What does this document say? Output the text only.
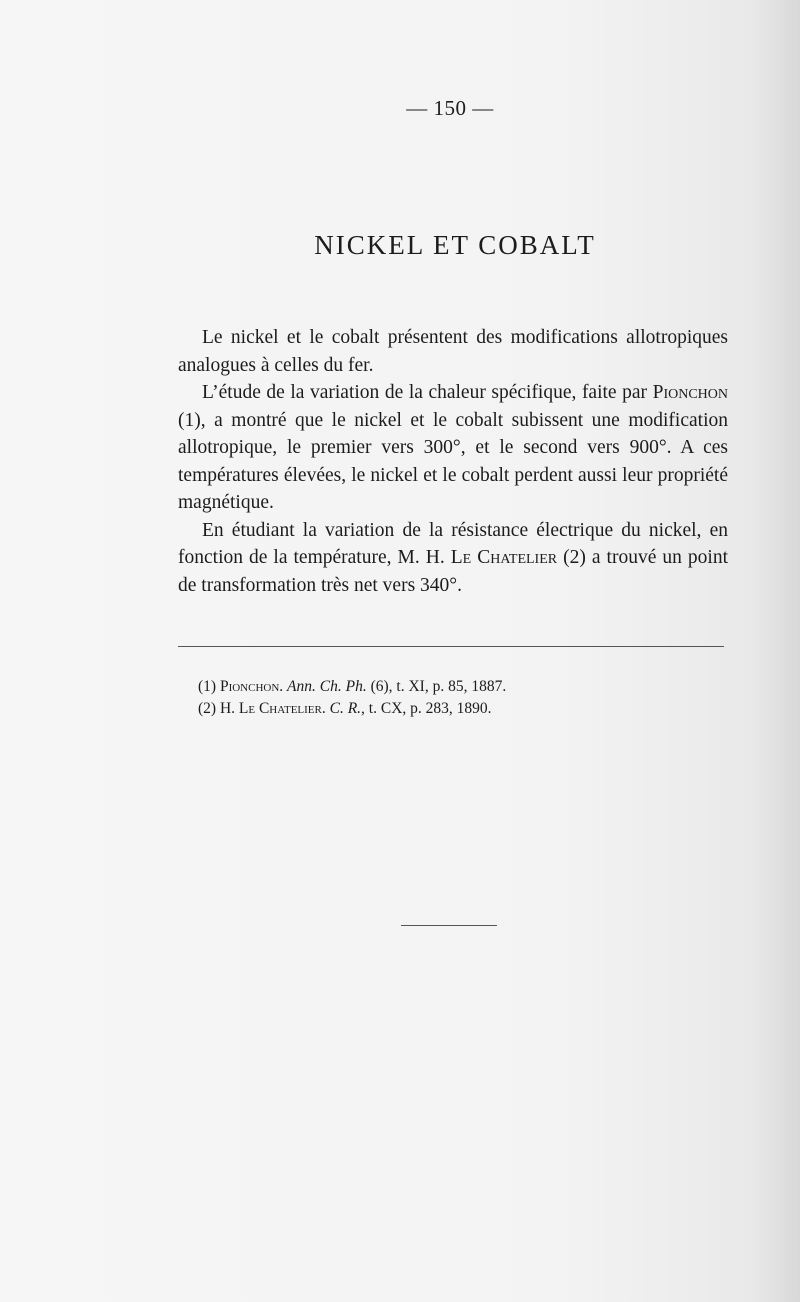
— 150 —
NICKEL ET COBALT

Le nickel et le cobalt présentent des modifications allotropiques analogues à celles du fer.

L’étude de la variation de la chaleur spécifique, faite par Pionchon (1), a montré que le nickel et le cobalt subissent une modification allotropique, le premier vers 300°, et le second vers 900°. A ces températures élevées, le nickel et le cobalt perdent aussi leur propriété magnétique.

En étudiant la variation de la résistance électrique du nickel, en fonction de la température, M. H. Le Chatelier (2) a trouvé un point de transformation très net vers 340°.

(1) Pionchon. Ann. Ch. Ph. (6), t. XI, p. 85, 1887.
(2) H. Le Chatelier. C. R., t. CX, p. 283, 1890.
